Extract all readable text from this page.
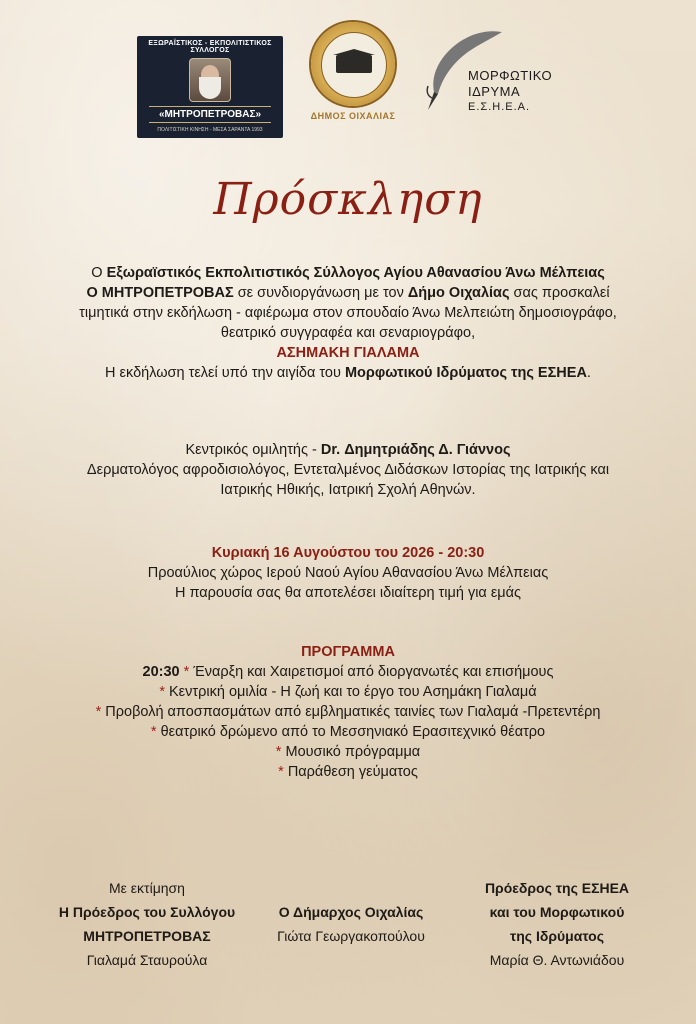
ΕΞΩΡΑΪΣΤΙΚΟΣ - ΕΚΠΟΛΙΤΙΣΤΙΚΟΣ ΣΥΛΛΟΓΟΣ
«ΜΗΤΡΟΠΕΤΡΟΒΑΣ»
ΠΟΛΙΤΙΣΤΙΚΗ ΚΙΝΗΣΗ - ΜΕΣΑ ΣΑΡΑΝΤΑ 1993
ΔΗΜΟΣ ΟΙΧΑΛΙΑΣ
ΜΟΡΦΩΤΙΚΟ
ΙΔΡΥΜΑ
Ε.Σ.Η.Ε.Α.
Πρόσκληση
Ο Εξωραϊστικός Εκπολιτιστικός Σύλλογος Αγίου Αθανασίου Άνω Μέλπειας
Ο ΜΗΤΡΟΠΕΤΡΟΒΑΣ σε συνδιοργάνωση με τον Δήμο Οιχαλίας σας προσκαλεί
τιμητικά στην εκδήλωση - αφιέρωμα στον σπουδαίο Άνω Μελπειώτη δημοσιογράφο,
θεατρικό συγγραφέα και σεναριογράφο,
ΑΣΗΜΑΚΗ ΓΙΑΛΑΜΑ
Η εκδήλωση τελεί υπό την αιγίδα του Μορφωτικού Ιδρύματος της ΕΣΗΕΑ.
Κεντρικός ομιλητής - Dr. Δημητριάδης Δ. Γιάννος
Δερματολόγος αφροδισιολόγος, Εντεταλμένος Διδάσκων Ιστορίας της Ιατρικής και
Ιατρικής Ηθικής, Ιατρική Σχολή Αθηνών.
Κυριακή 16 Αυγούστου του 2026 - 20:30
Προαύλιος χώρος Ιερού Ναού Αγίου Αθανασίου Άνω Μέλπειας
Η παρουσία σας θα αποτελέσει ιδιαίτερη τιμή για εμάς
ΠΡΟΓΡΑΜΜΑ
20:30 * Έναρξη και Χαιρετισμοί από διοργανωτές και επισήμους
* Κεντρική ομιλία - Η ζωή και το έργο του Ασημάκη Γιαλαμά
* Προβολή αποσπασμάτων από εμβληματικές ταινίες των Γιαλαμά -Πρετεντέρη
* θεατρικό δρώμενο από το Μεσσηνιακό Ερασιτεχνικό θέατρο
* Μουσικό πρόγραμμα
* Παράθεση γεύματος
Με εκτίμηση
Η Πρόεδρος του Συλλόγου
ΜΗΤΡΟΠΕΤΡΟΒΑΣ
Γιαλαμά Σταυρούλα
Ο Δήμαρχος Οιχαλίας
Γιώτα Γεωργακοπούλου
Πρόεδρος της ΕΣΗΕΑ
και του Μορφωτικού
της Ιδρύματος
Μαρία Θ. Αντωνιάδου
